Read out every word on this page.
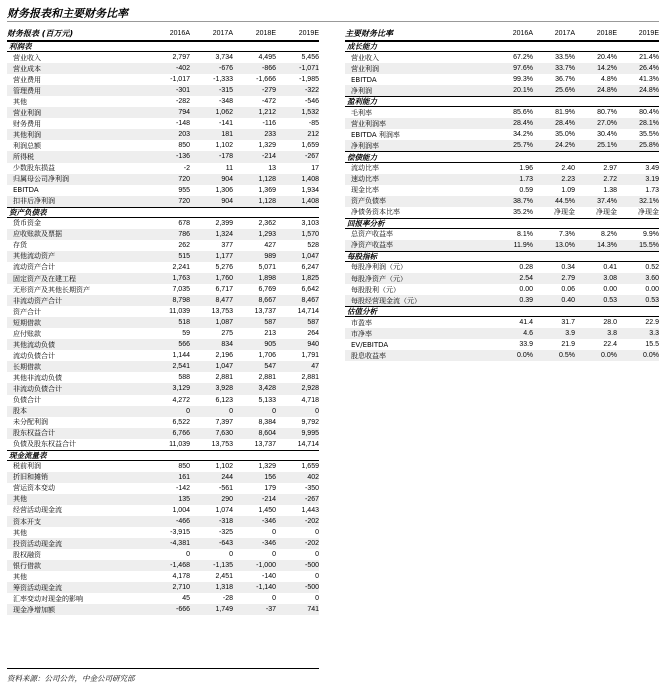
财务报表和主要财务比率
财务报表 (百万元)	2016A	2017A	2018E	2019E
利润表
营业收入	2,797	3,734	4,495	5,456
营业成本	-402	-676	-866	-1,071
营业费用	-1,017	-1,333	-1,666	-1,985
管理费用	-301	-315	-279	-322
其他	-282	-348	-472	-546
营业利润	794	1,062	1,212	1,532
财务费用	-148	-141	-116	-85
其他利润	203	181	233	212
利润总额	850	1,102	1,329	1,659
所得税	-136	-178	-214	-267
少数股东损益	-2	11	13	17
归属母公司净利润	720	904	1,128	1,408
EBITDA	955	1,306	1,369	1,934
扣非后净利润	720	904	1,128	1,408
资产负债表
货币资金	678	2,399	2,362	3,103
应收账款及票据	786	1,324	1,293	1,570
存货	262	377	427	528
其他流动资产	515	1,177	989	1,047
流动资产合计	2,241	5,276	5,071	6,247
固定资产及在建工程	1,763	1,760	1,898	1,825
无形资产及其他长期资产	7,035	6,717	6,769	6,642
非流动资产合计	8,798	8,477	8,667	8,467
资产合计	11,039	13,753	13,737	14,714
短期借款	518	1,087	587	587
应付账款	59	275	213	264
其他流动负债	566	834	905	940
流动负债合计	1,144	2,196	1,706	1,791
长期借款	2,541	1,047	547	47
其他非流动负债	588	2,881	2,881	2,881
非流动负债合计	3,129	3,928	3,428	2,928
负债合计	4,272	6,123	5,133	4,718
股本	0	0	0	0
未分配利润	6,522	7,397	8,384	9,792
股东权益合计	6,766	7,630	8,604	9,995
负债及股东权益合计	11,039	13,753	13,737	14,714
现金流量表
税前利润	850	1,102	1,329	1,659
折旧和摊销	161	244	156	402
营运资本变动	-142	-561	179	-350
其他	135	290	-214	-267
经营活动现金流	1,004	1,074	1,450	1,443
资本开支	-466	-318	-346	-202
其他	-3,915	-325	0	0
投资活动现金流	-4,381	-643	-346	-202
股权融资	0	0	0	0
银行借款	-1,468	-1,135	-1,000	-500
其他	4,178	2,451	-140	0
筹资活动现金流	2,710	1,318	-1,140	-500
汇率变动对现金的影响	45	-28	0	0
现金净增加额	-666	1,749	-37	741
主要财务比率	2016A	2017A	2018E	2019E
成长能力
营业收入	67.2%	33.5%	20.4%	21.4%
营业利润	97.6%	33.7%	14.2%	26.4%
EBITDA	99.3%	36.7%	4.8%	41.3%
净利润	20.1%	25.6%	24.8%	24.8%
盈利能力
毛利率	85.6%	81.9%	80.7%	80.4%
营业利润率	28.4%	28.4%	27.0%	28.1%
EBITDA 利润率	34.2%	35.0%	30.4%	35.5%
净利润率	25.7%	24.2%	25.1%	25.8%
偿债能力
流动比率	1.96	2.40	2.97	3.49
速动比率	1.73	2.23	2.72	3.19
现金比率	0.59	1.09	1.38	1.73
资产负债率	38.7%	44.5%	37.4%	32.1%
净债务资本比率	35.2%	净现金	净现金	净现金
回报率分析
总资产收益率	8.1%	7.3%	8.2%	9.9%
净资产收益率	11.9%	13.0%	14.3%	15.5%
每股指标
每股净利润（元）	0.28	0.34	0.41	0.52
每股净资产（元）	2.54	2.79	3.08	3.60
每股股利（元）	0.00	0.06	0.00	0.00
每股经营现金流（元）	0.39	0.40	0.53	0.53
估值分析
市盈率	41.4	31.7	28.0	22.9
市净率	4.6	3.9	3.8	3.3
EV/EBITDA	33.9	21.9	22.4	15.5
股息收益率	0.0%	0.5%	0.0%	0.0%
资料来源：公司公告，中金公司研究部
